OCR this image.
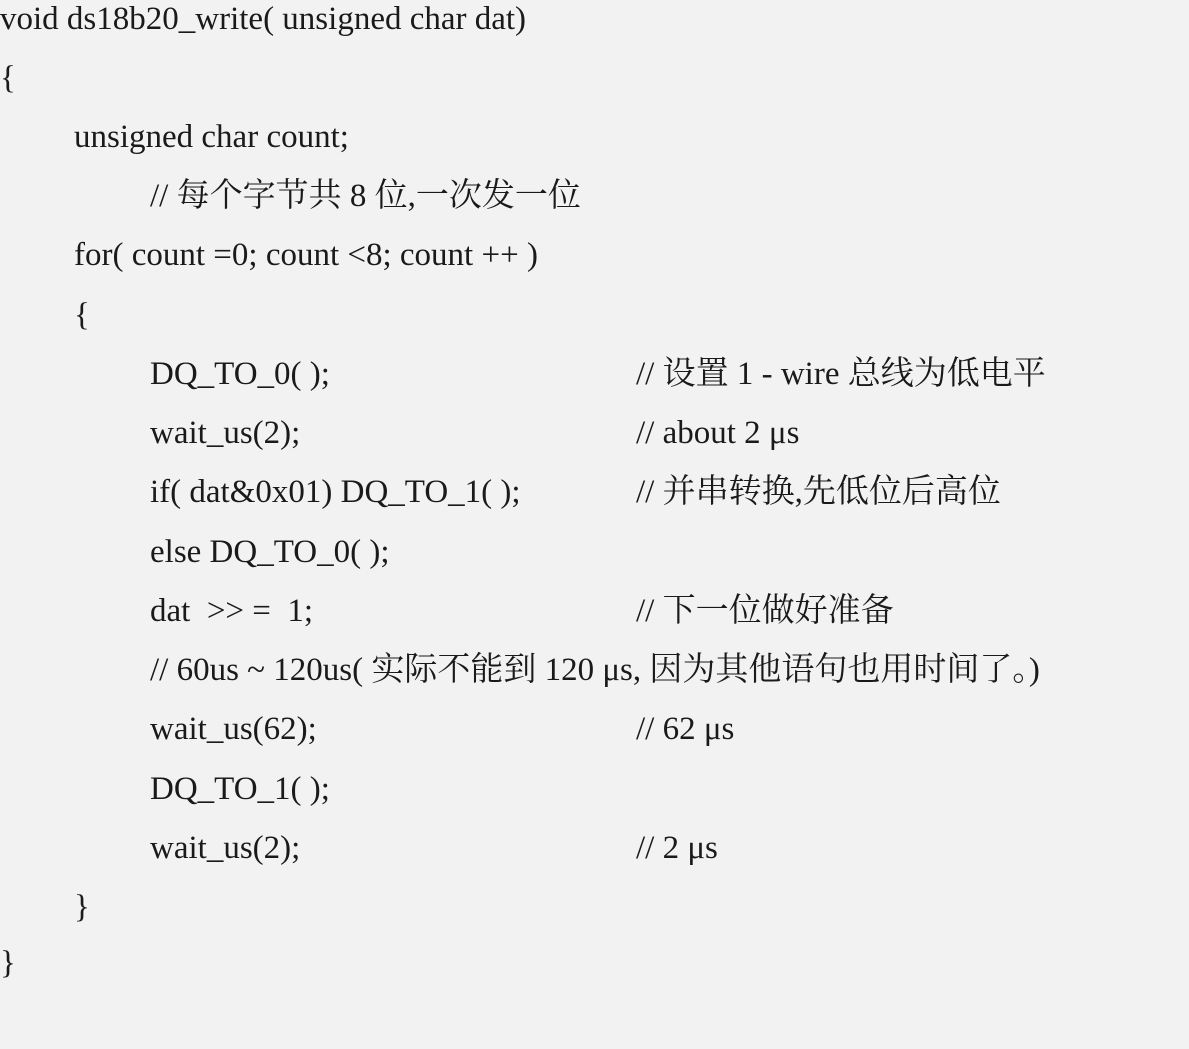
void ds18b20_write( unsigned char dat)

{

unsigned char count;

// 每个字节共 8 位,一次发一位

for( count =0; count <8; count ++ )

{

DQ_TO_0( );

	// 设置 1 - wire 总线为低电平

wait_us(2);

	// about 2 μs

if( dat&0x01) DQ_TO_1( );

	// 并串转换,先低位后高位

else DQ_TO_0( );

dat  >> =  1;

	// 下一位做好准备

// 60us ~ 120us( 实际不能到 120 μs, 因为其他语句也用时间了。)

wait_us(62);

	// 62 μs

DQ_TO_1( );

wait_us(2);

	// 2 μs

}

}
